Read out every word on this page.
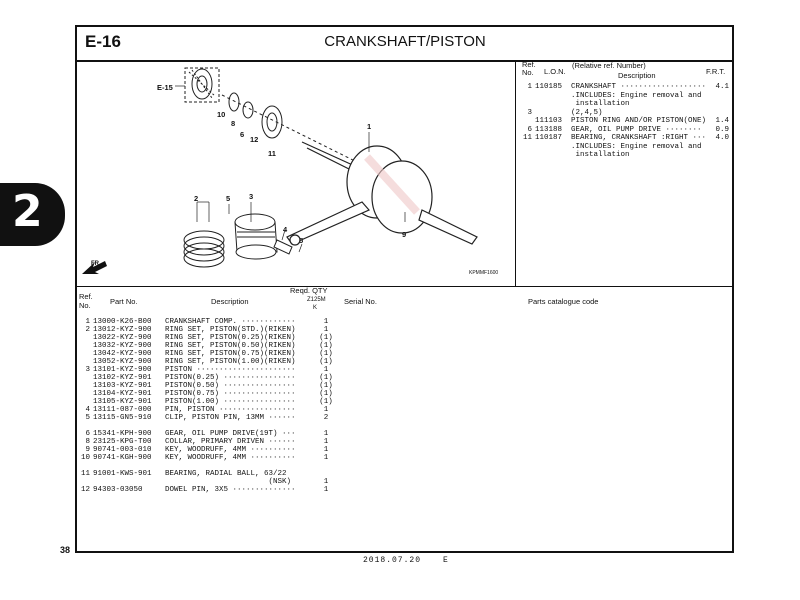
2
E-16	CRANKSHAFT/PISTON
E-15
10
8
6
12
11
1
2	3
5
4
5
9
FR.
KPMMF1600
Ref. No.	L.O.N.
(Relative ref. Number)
Description	F.R.T.
1 110185	CRANKSHAFT ···················	4.1
.INCLUDES: Engine removal and
installation
3	(2,4,5)
111103	PISTON RING AND/OR PISTON(ONE)	1.4
6 113188	GEAR, OIL PUMP DRIVE ········	0.9
11 110187	BEARING, CRANKSHAFT :RIGHT ···	4.0
.INCLUDES: Engine removal and
installation
Ref. No.	Part No.	Description
Reqd. QTY
Z125M
K
Serial No.	Parts catalogue code
1 13000-K26-B00	CRANKSHAFT COMP. ············	1
2 13012-KYZ-900	RING SET, PISTON(STD.)(RIKEN)	1
13022-KYZ-900	RING SET, PISTON(0.25)(RIKEN)	(1)
13032-KYZ-900	RING SET, PISTON(0.50)(RIKEN)	(1)
13042-KYZ-900	RING SET, PISTON(0.75)(RIKEN)	(1)
13052-KYZ-900	RING SET, PISTON(1.00)(RIKEN)	(1)
3 13101-KYZ-900	PISTON ······················	1
13102-KYZ-901	PISTON(0.25) ················	(1)
13103-KYZ-901	PISTON(0.50) ················	(1)
13104-KYZ-901	PISTON(0.75) ················	(1)
13105-KYZ-901	PISTON(1.00) ················	(1)
4 13111-087-000	PIN, PISTON ·················	1
5 13115-GN5-910	CLIP, PISTON PIN, 13MM ······	2
6 15341-KPH-900	GEAR, OIL PUMP DRIVE(19T) ···	1
8 23125-KPG-T00	COLLAR, PRIMARY DRIVEN ······	1
9 90741-003-010	KEY, WOODRUFF, 4MM ··········	1
10 90741-KGH-900	KEY, WOODRUFF, 4MM ··········	1
11 91001-KWS-901	BEARING, RADIAL BALL, 63/22
(NSK)	1
12 94303-03050	DOWEL PIN, 3X5 ··············	1
38
2018.07.20	E
